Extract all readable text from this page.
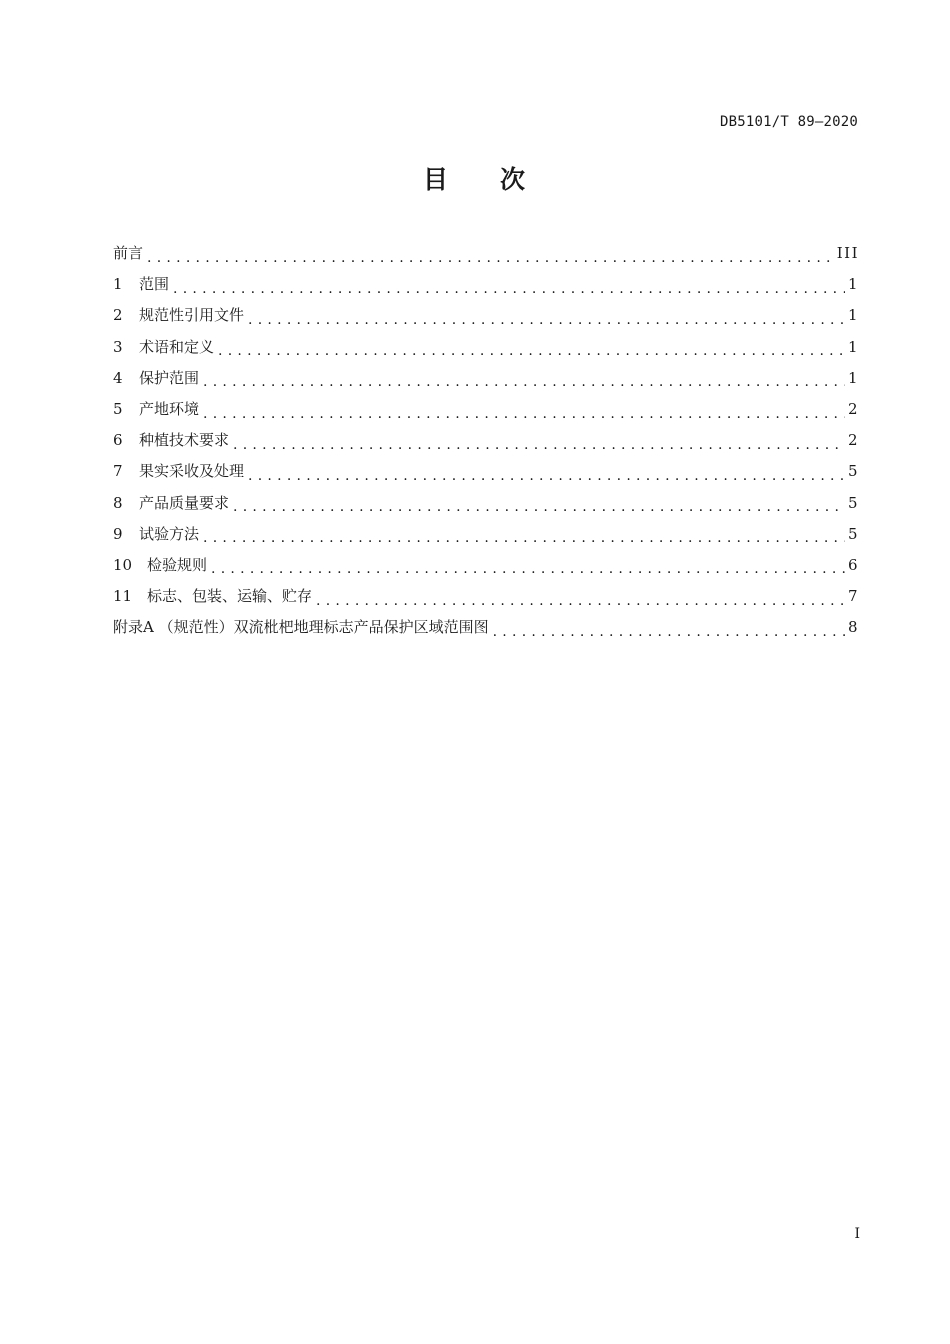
DB5101/T 89—2020
目 次
前言 . . .	III
1	范围 . . .	1
2	规范性引用文件 . . .	1
3	术语和定义 . . .	1
4	保护范围 . . .	1
5	产地环境 . . .	2
6	种植技术要求 . . .	2
7	果实采收及处理 . . .	5
8	产品质量要求 . . .	5
9	试验方法 . . .	5
10 检验规则 . . .	6
11 标志、包装、运输、贮存 . . .	7
附录A （规范性）双流枇杷地理标志产品保护区域范围图 . . .	8
I
